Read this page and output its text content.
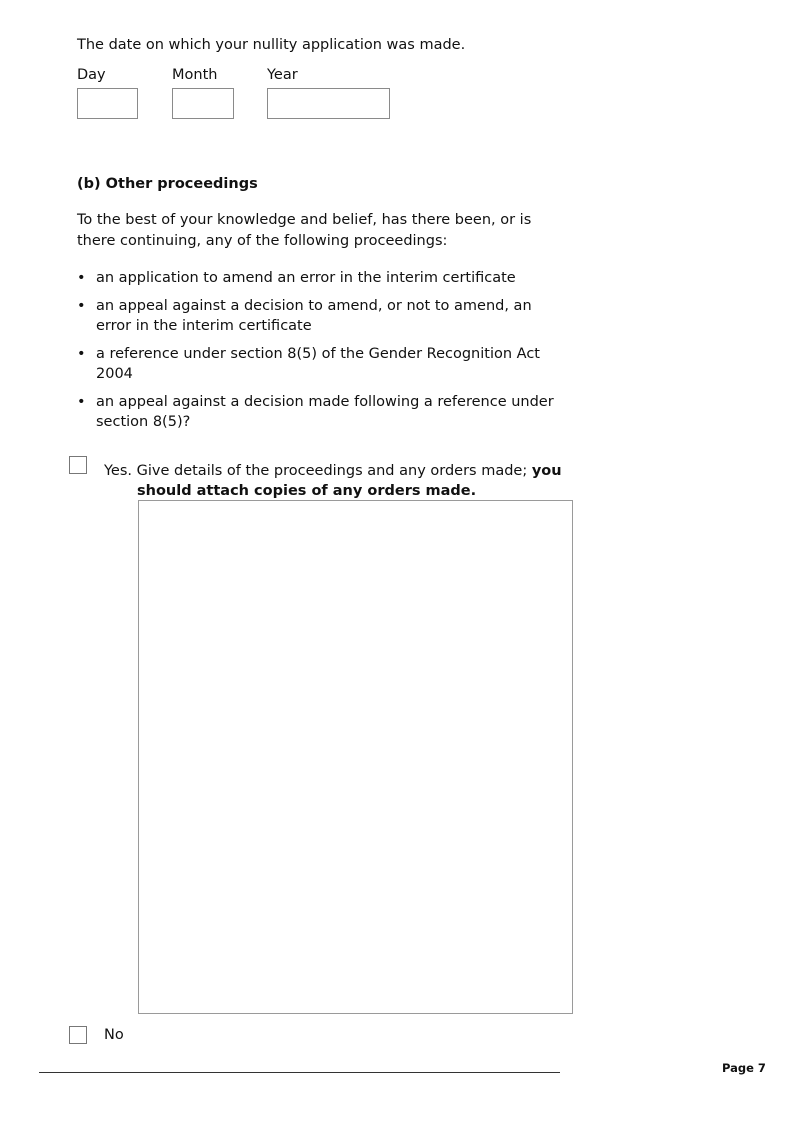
The date on which your nullity application was made.
Day	Month	Year
(b) Other proceedings
To the best of your knowledge and belief, has there been, or is there continuing, any of the following proceedings:
• an application to amend an error in the interim certificate
• an appeal against a decision to amend, or not to amend, an error in the interim certificate
• a reference under section 8(5) of the Gender Recognition Act 2004
• an appeal against a decision made following a reference under section 8(5)?
Yes. Give details of the proceedings and any orders made; you
should attach copies of any orders made.
No
Page 7
